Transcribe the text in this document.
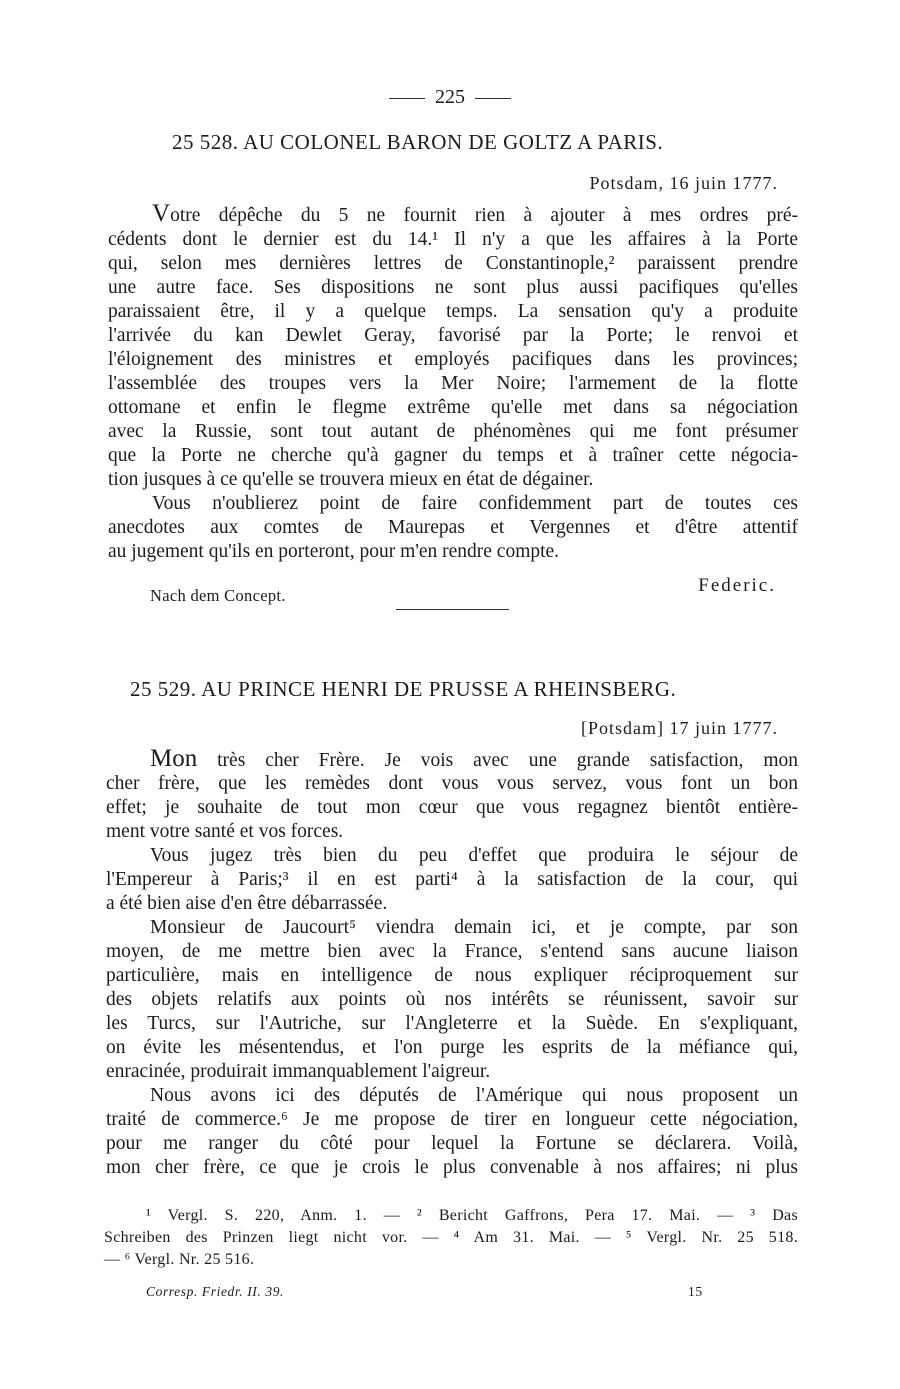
225
25 528. AU COLONEL BARON DE GOLTZ A PARIS.
Potsdam, 16 juin 1777.
Votre dépêche du 5 ne fournit rien à ajouter à mes ordres pré-
cédents dont le dernier est du 14.¹ Il n'y a que les affaires à la Porte
qui, selon mes dernières lettres de Constantinople,² paraissent prendre
une autre face. Ses dispositions ne sont plus aussi pacifiques qu'elles
paraissaient être, il y a quelque temps. La sensation qu'y a produite
l'arrivée du kan Dewlet Geray, favorisé par la Porte; le renvoi et
l'éloignement des ministres et employés pacifiques dans les provinces;
l'assemblée des troupes vers la Mer Noire; l'armement de la flotte
ottomane et enfin le flegme extrême qu'elle met dans sa négociation
avec la Russie, sont tout autant de phénomènes qui me font présumer
que la Porte ne cherche qu'à gagner du temps et à traîner cette négocia-
tion jusques à ce qu'elle se trouvera mieux en état de dégainer.
Vous n'oublierez point de faire confidemment part de toutes ces
anecdotes aux comtes de Maurepas et Vergennes et d'être attentif
au jugement qu'ils en porteront, pour m'en rendre compte.
Nach dem Concept.	Federic.
25 529. AU PRINCE HENRI DE PRUSSE A RHEINSBERG.
[Potsdam] 17 juin 1777.
Mon très cher Frère. Je vois avec une grande satisfaction, mon
cher frère, que les remèdes dont vous vous servez, vous font un bon
effet; je souhaite de tout mon cœur que vous regagnez bientôt entière-
ment votre santé et vos forces.
Vous jugez très bien du peu d'effet que produira le séjour de
l'Empereur à Paris;³ il en est parti⁴ à la satisfaction de la cour, qui
a été bien aise d'en être débarrassée.
Monsieur de Jaucourt⁵ viendra demain ici, et je compte, par son
moyen, de me mettre bien avec la France, s'entend sans aucune liaison
particulière, mais en intelligence de nous expliquer réciproquement sur
des objets relatifs aux points où nos intérêts se réunissent, savoir sur
les Turcs, sur l'Autriche, sur l'Angleterre et la Suède. En s'expliquant,
on évite les mésentendus, et l'on purge les esprits de la méfiance qui,
enracinée, produirait immanquablement l'aigreur.
Nous avons ici des députés de l'Amérique qui nous proposent un
traité de commerce.⁶ Je me propose de tirer en longueur cette négociation,
pour me ranger du côté pour lequel la Fortune se déclarera. Voilà,
mon cher frère, ce que je crois le plus convenable à nos affaires; ni plus
¹ Vergl. S. 220, Anm. 1. — ² Bericht Gaffrons, Pera 17. Mai. — ³ Das
Schreiben des Prinzen liegt nicht vor. — ⁴ Am 31. Mai. — ⁵ Vergl. Nr. 25 518.
— ⁶ Vergl. Nr. 25 516.
Corresp. Friedr. II. 39.	15
